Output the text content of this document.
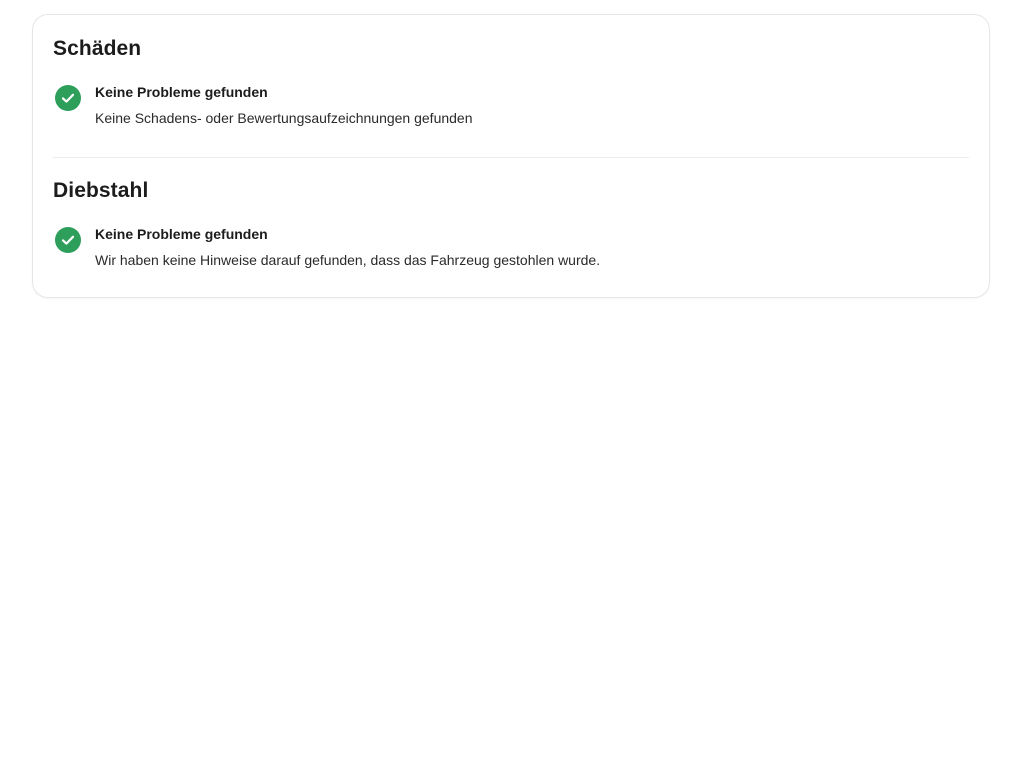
Schäden
Keine Probleme gefunden
Keine Schadens- oder Bewertungsaufzeichnungen gefunden
Diebstahl
Keine Probleme gefunden
Wir haben keine Hinweise darauf gefunden, dass das Fahrzeug gestohlen wurde.
